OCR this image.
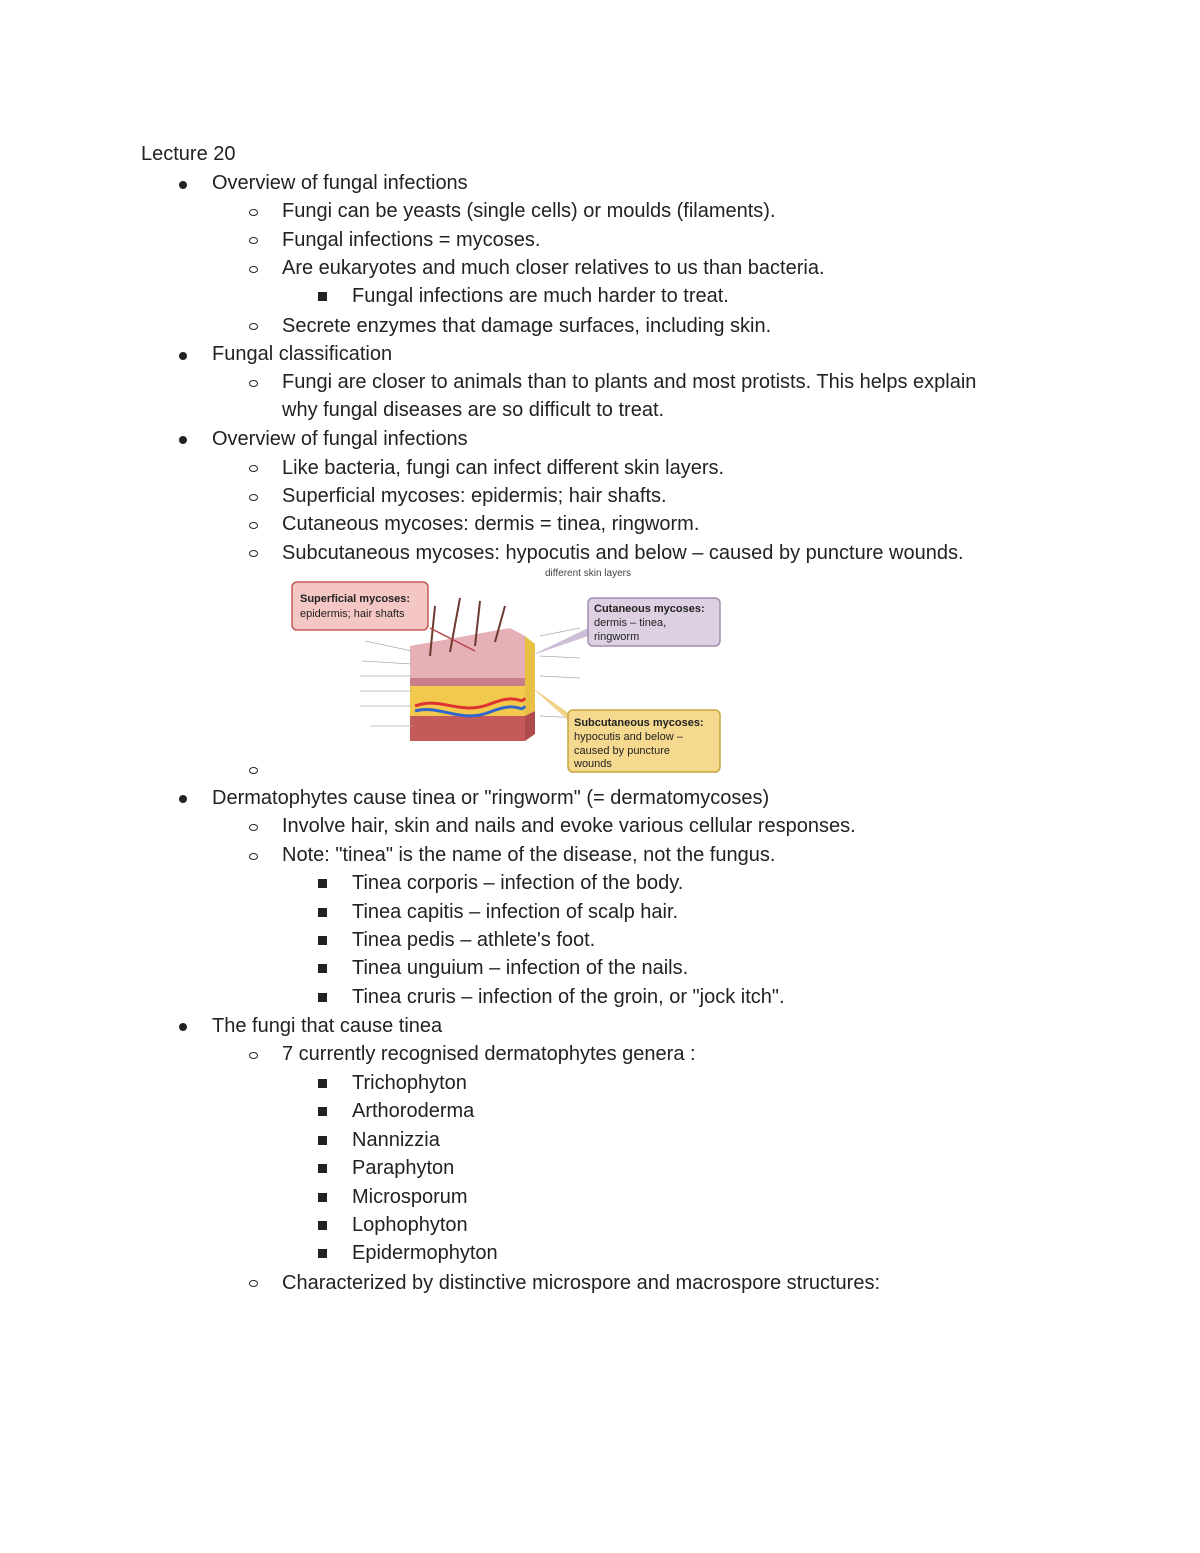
Lecture 20
Overview of fungal infections
Fungi can be yeasts (single cells) or moulds (filaments).
Fungal infections = mycoses.
Are eukaryotes and much closer relatives to us than bacteria.
Fungal infections are much harder to treat.
Secrete enzymes that damage surfaces, including skin.
Fungal classification
Fungi are closer to animals than to plants and most protists. This helps explain
why fungal diseases are so difficult to treat.
Overview of fungal infections
Like bacteria, fungi can infect different skin layers.
Superficial mycoses: epidermis; hair shafts.
Cutaneous mycoses: dermis = tinea, ringworm.
Subcutaneous mycoses: hypocutis and below – caused by puncture wounds.
different skin layers
Superficial mycoses:
epidermis; hair shafts	Cutaneous mycoses:
dermis – tinea,
ringworm
Subcutaneous mycoses:
hypocutis and below –
caused by puncture
wounds
Dermatophytes cause tinea or "ringworm" (= dermatomycoses)
Involve hair, skin and nails and evoke various cellular responses.
Note: "tinea" is the name of the disease, not the fungus.
Tinea corporis – infection of the body.
Tinea capitis – infection of scalp hair.
Tinea pedis – athlete's foot.
Tinea unguium – infection of the nails.
Tinea cruris – infection of the groin, or "jock itch".
The fungi that cause tinea
7 currently recognised dermatophytes genera :
Trichophyton
Arthoroderma
Nannizzia
Paraphyton
Microsporum
Lophophyton
Epidermophyton
Characterized by distinctive microspore and macrospore structures:
